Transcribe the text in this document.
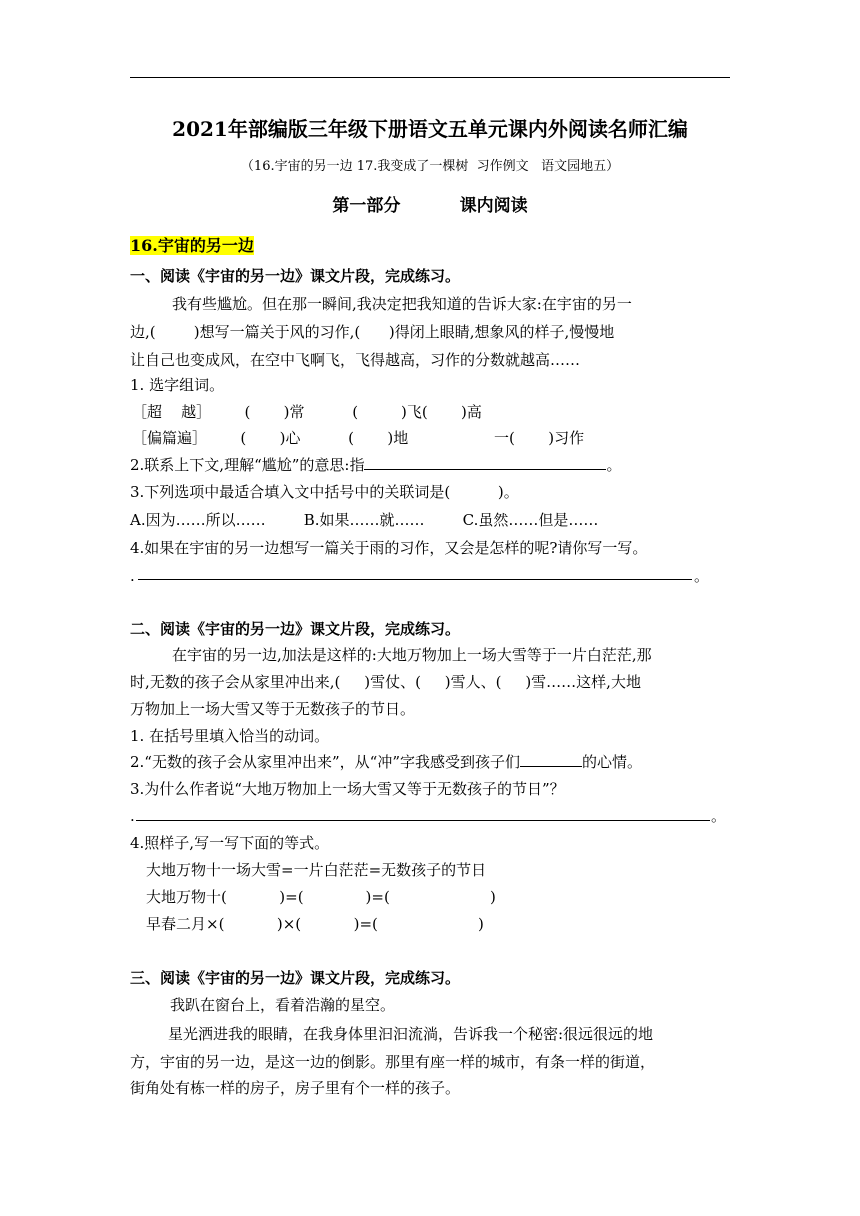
2021年部编版三年级下册语文五单元课内外阅读名师汇编
（16.宇宙的另一边 17.我变成了一棵树  习作例文   语文园地五）
第一部分          课内阅读
16.宇宙的另一边
一、阅读《宇宙的另一边》课文片段，完成练习。
我有些尴尬。但在那一瞬间,我决定把我知道的告诉大家:在宇宙的另一
边,(        )想写一篇关于风的习作,(      )得闭上眼睛,想象风的样子,慢慢地
让自己也变成风，在空中飞啊飞，飞得越高，习作的分数就越高……
1. 选字组词。
［超    越］       (       )常          (         )飞(       )高
［偏篇遍］       (       )心          (       )地                  一(       )习作
2.联系上下文,理解“尴尬”的意思:指	。
3.下列选项中最适合填入文中括号中的关联词是(          )。
A.因为……所以……        B.如果……就……        C.虽然……但是……
4.如果在宇宙的另一边想写一篇关于雨的习作，又会是怎样的呢?请你写一写。
.	。
二、阅读《宇宙的另一边》课文片段，完成练习。
在宇宙的另一边,加法是这样的:大地万物加上一场大雪等于一片白茫茫,那
时,无数的孩子会从家里冲出来,(     )雪仗、(     )雪人、(     )雪……这样,大地
万物加上一场大雪又等于无数孩子的节日。
1. 在括号里填入恰当的动词。
2.“无数的孩子会从家里冲出来”，从“冲”字我感受到孩子们	的心情。
3.为什么作者说“大地万物加上一场大雪又等于无数孩子的节日”？
.	。
4.照样子,写一写下面的等式。
大地万物十一场大雪=一片白茫茫=无数孩子的节日
大地万物十(           )=(             )=(                     )
早春二月×(           )×(           )=(                     )
三、阅读《宇宙的另一边》课文片段，完成练习。
我趴在窗台上，看着浩瀚的星空。
星光洒进我的眼睛，在我身体里汩汩流淌，告诉我一个秘密:很远很远的地
方，宇宙的另一边，是这一边的倒影。那里有座一样的城市，有条一样的街道，
街角处有栋一样的房子，房子里有个一样的孩子。
